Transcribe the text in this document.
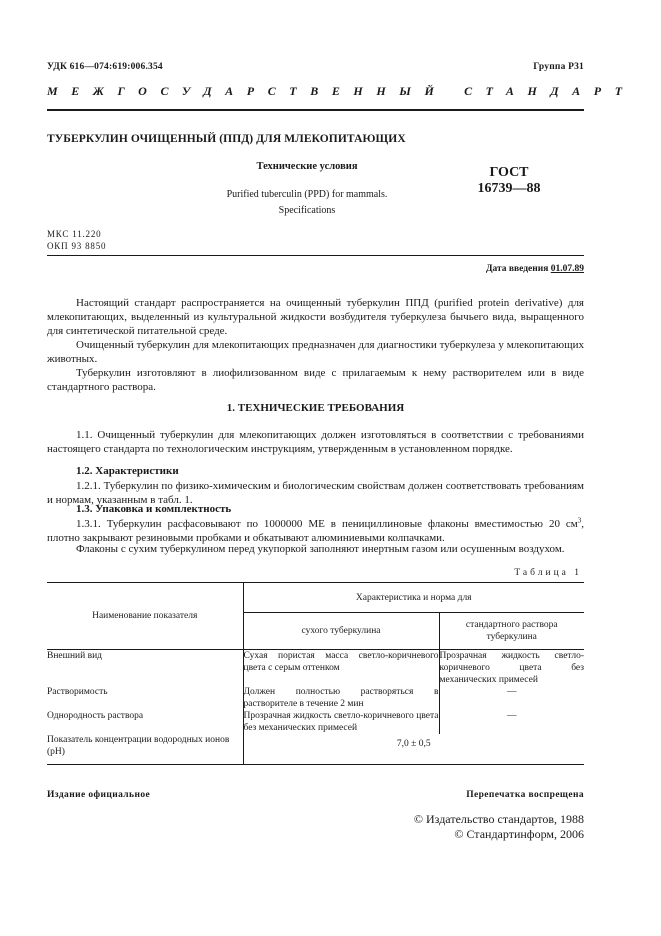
УДК 616—074:619:006.354	Группа Р31
МЕЖГОСУДАРСТВЕННЫЙ СТАНДАРТ
ТУБЕРКУЛИН ОЧИЩЕННЫЙ (ППД) ДЛЯ МЛЕКОПИТАЮЩИХ
Технические условия
Purified tuberculin (PPD) for mammals.
Specifications
ГОСТ
16739—88
МКС 11.220
ОКП 93 8850
Дата введения 01.07.89

Настоящий стандарт распространяется на очищенный туберкулин ППД (purified protein derivative) для млекопитающих, выделенный из культуральной жидкости возбудителя туберкулеза бычьего вида, выращенного для синтетической питательной среде.

Очищенный туберкулин для млекопитающих предназначен для диагностики туберкулеза у млекопитающих животных.

Туберкулин изготовляют в лиофилизованном виде с прилагаемым к нему растворителем или в виде стандартного раствора.

1. ТЕХНИЧЕСКИЕ ТРЕБОВАНИЯ

1.1. Очищенный туберкулин для млекопитающих должен изготовляться в соответствии с требованиями настоящего стандарта по технологическим инструкциям, утвержденным в установленном порядке.

1.2. Характеристики

1.2.1. Туберкулин по физико-химическим и биологическим свойствам должен соответствовать требованиям и нормам, указанным в табл. 1.

1.3. Упаковка и комплектность

1.3.1. Туберкулин расфасовывают по 1000000 МЕ в пенициллиновые флаконы вместимостью 20 $см^3$, плотно закрывают резиновыми пробками и обкатывают алюминиевыми колпачками.

Флаконы с сухим туберкулином перед укупоркой заполняют инертным газом или осушенным воздухом.

Таблица 1
Наименование показателя	Характеристика и норма для	
	сухого туберкулина	стандартного раствора туберкулина
Внешний вид	Сухая пористая масса светло-коричневого цвета с серым оттенком	Прозрачная жидкость светло-коричневого цвета без механических примесей
Растворимость	Должен полностью растворяться в растворителе в течение 2 мин	—
Однородность раствора	Прозрачная жидкость светло-коричневого цвета без механических примесей	—
Показатель концентрации водородных ионов (pH)	7,0 ± 0,5	
Издание официальное	Перепечатка воспрещена
© Издательство стандартов, 1988
© Стандартинформ, 2006
